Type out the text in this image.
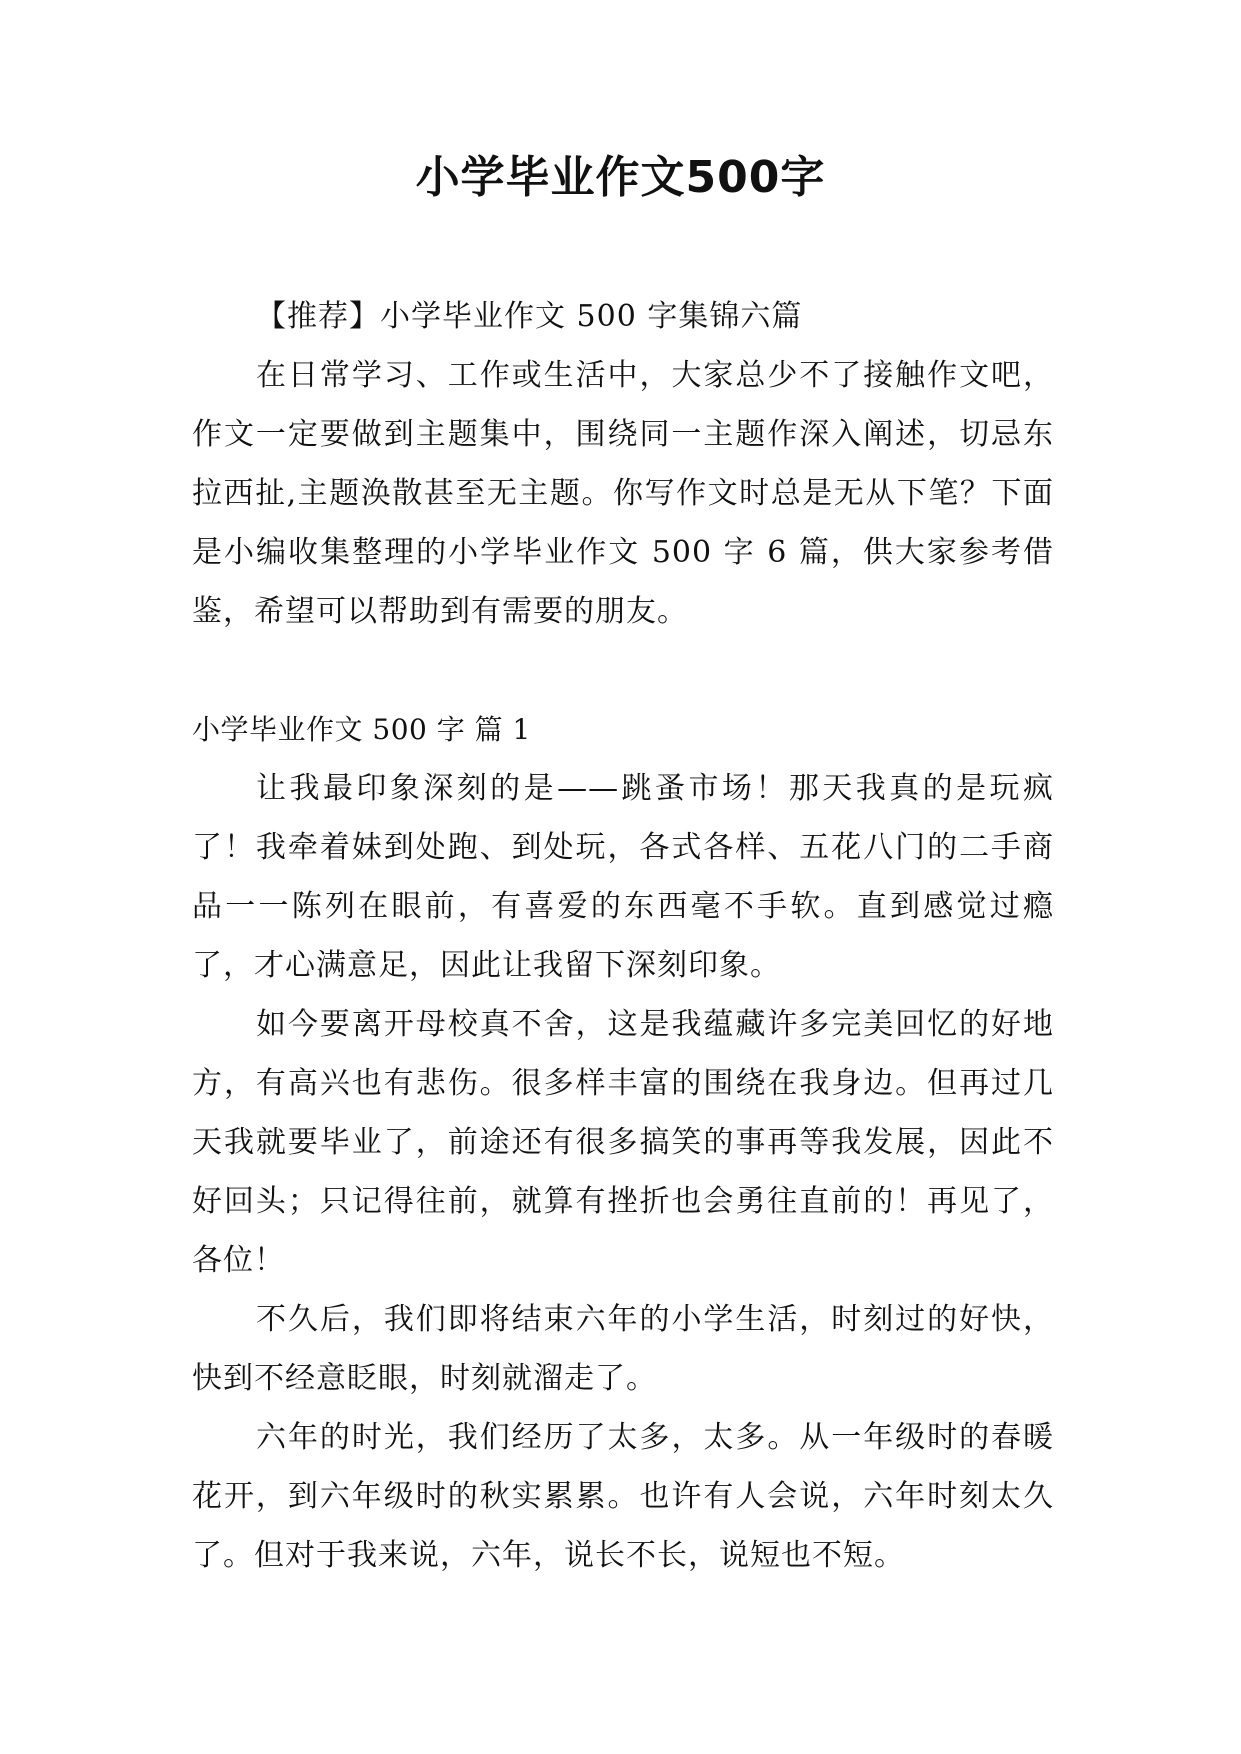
小学毕业作文500字

【推荐】小学毕业作文 500 字集锦六篇

在日常学习、工作或生活中，大家总少不了接触作文吧，作文一定要做到主题集中，围绕同一主题作深入阐述，切忌东拉西扯,主题涣散甚至无主题。你写作文时总是无从下笔？下面是小编收集整理的小学毕业作文 500 字 6 篇，供大家参考借鉴，希望可以帮助到有需要的朋友。

小学毕业作文 500 字 篇 1

让我最印象深刻的是——跳蚤市场！那天我真的是玩疯了！我牵着妹到处跑、到处玩，各式各样、五花八门的二手商品一一陈列在眼前，有喜爱的东西毫不手软。直到感觉过瘾了，才心满意足，因此让我留下深刻印象。

如今要离开母校真不舍，这是我蕴藏许多完美回忆的好地方，有高兴也有悲伤。很多样丰富的围绕在我身边。但再过几天我就要毕业了，前途还有很多搞笑的事再等我发展，因此不好回头；只记得往前，就算有挫折也会勇往直前的！再见了，各位！

不久后，我们即将结束六年的小学生活，时刻过的好快，快到不经意眨眼，时刻就溜走了。

六年的时光，我们经历了太多，太多。从一年级时的春暖花开，到六年级时的秋实累累。也许有人会说，六年时刻太久了。但对于我来说，六年，说长不长，说短也不短。
